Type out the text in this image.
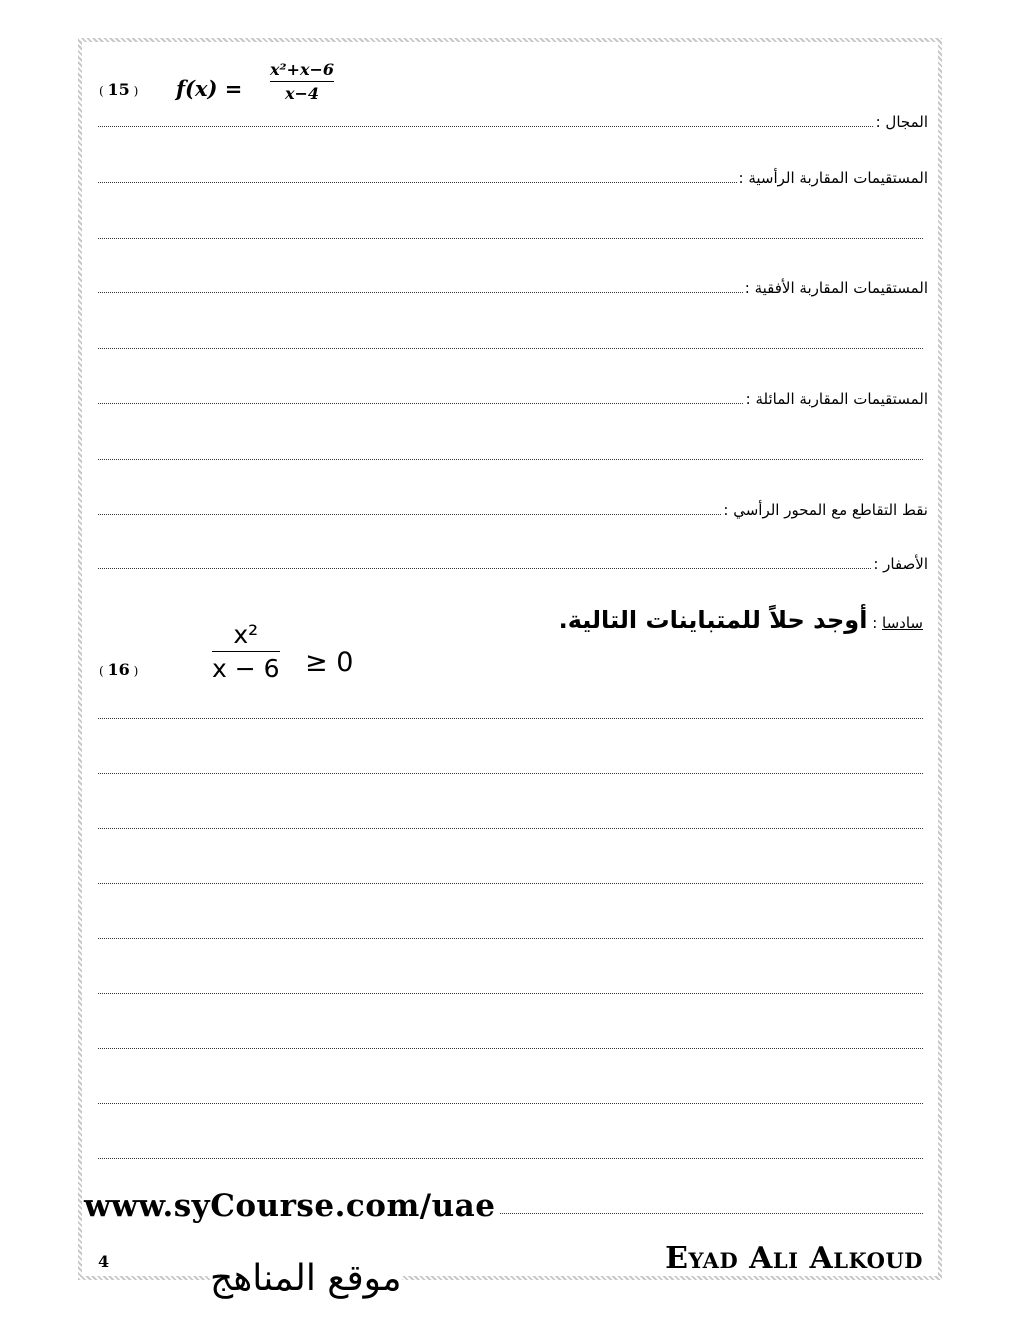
( 15 ) f(x) =
x²+x−6
x−4
المجال :
المستقيمات المقاربة الرأسية :
المستقيمات المقاربة الأفقية :
المستقيمات المقاربة المائلة :
نقط التقاطع مع المحور الرأسي :
الأصفار :
سادسا : أوجد حلاً للمتباينات التالية.
( 16 )
x²
x − 6 ≥ 0
www.syCourse.com/uae
4	Eyad Ali Alkoud
موقع المناهج
